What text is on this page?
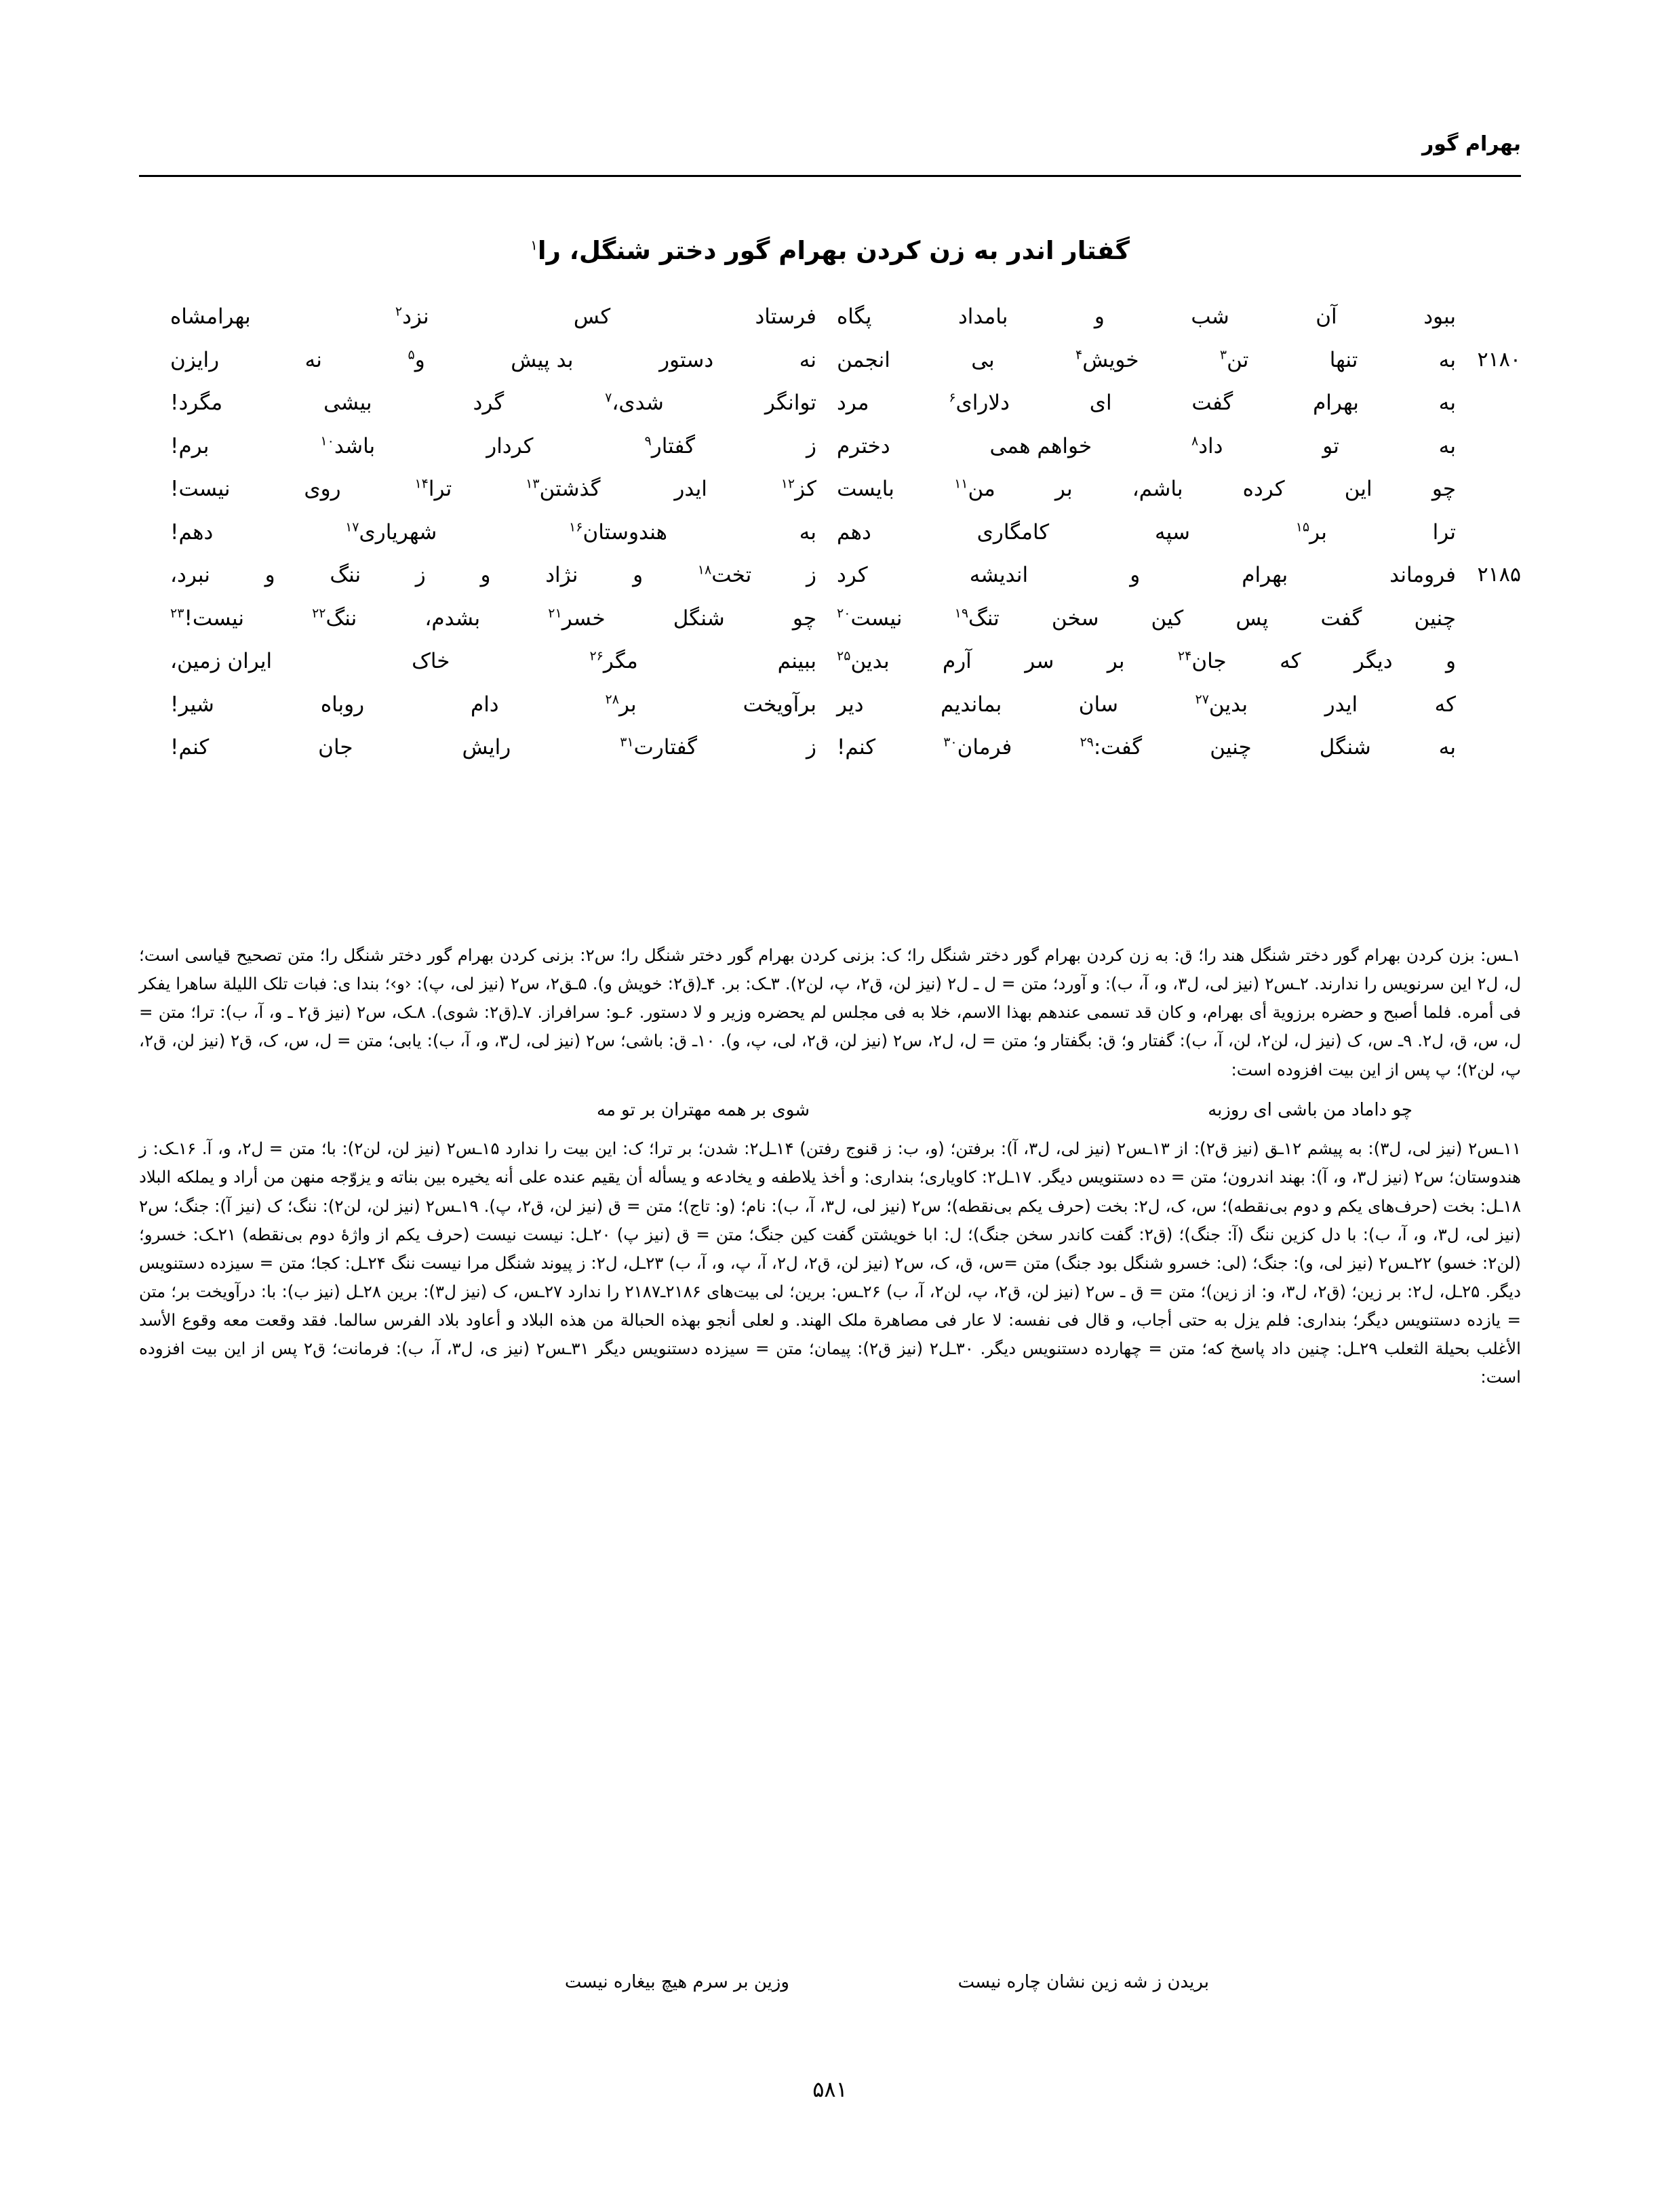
بهرام گور
گفتار اندر به زن کردن بهرام گور دختر شنگل، را$^۱$
ببود
آن
شب
و
بامداد
پگاه
فرستاد
کس
نزد$^۲$
بهرامشاه
به
تنها
تن$^۳$
خویش$^۴$
بی
انجمن	۲۱۸۰
نه
دستور
بد پیش
و$^۵$
نه
رایزن
به
بهرام
گفت
ای
دلارای$^۶$
مرد
توانگر
شدی،$^۷$
گرد
بیشی
مگرد!
به
تو
داد$^۸$
خواهم همی
دخترم
ز
گفتار$^۹$
کردار
باشد$^{۱۰}$
برم!
چو
این
کرده
باشم،
بر
من$^{۱۱}$
بایست
کز$^{۱۲}$
ایدر
گذشتن$^{۱۳}$
ترا$^{۱۴}$
روی
نیست!
ترا
بر$^{۱۵}$
سپه
کامگاری
دهم
به
هندوستان$^{۱۶}$
شهریاری$^{۱۷}$
دهم!
فروماند
بهرام
و
اندیشه
کرد	۲۱۸۵
ز
تخت$^{۱۸}$
و
نژاد
و
ز
ننگ
و
نبرد،
چنین
گفت
پس
کین
سخن
تنگ$^{۱۹}$
نیست$^{۲۰}$
چو
شنگل
خسر$^{۲۱}$
بشدم،
ننگ$^{۲۲}$
نیست!$^{۲۳}$
و
دیگر
که
جان$^{۲۴}$
بر
سر
آرم
بدین$^{۲۵}$
ببینم
مگر$^{۲۶}$
خاک
ایران زمین،
که
ایدر
بدین$^{۲۷}$
سان
بماندیم
دیر
برآویخت
بر$^{۲۸}$
دام
روباه
شیر!
به
شنگل
چنین
گفت:$^{۲۹}$
فرمان$^{۳۰}$
کنم!
ز
گفتارت$^{۳۱}$
رایش
جان
کنم!

۱ـس: بزن کردن بهرام گور دختر شنگل هند را؛ ق: به زن کردن بهرام گور دختر شنگل را؛ ک: بزنی کردن بهرام گور دختر شنگل را؛ س۲: بزنی کردن بهرام گور دختر شنگل را؛ متن تصحیح قیاسی است؛ ل، ل۲ این سرنویس را ندارند. ۲ـس۲ (نیز لی، ل۳، و، آ، ب): و آورد؛ متن = ل ـ ل۲ (نیز لن، ق۲، پ، لن۲). ۳ـک: بر. ۴ـ(ق۲: خویش و). ۵ـق۲، س۲ (نیز لی، پ): ‹و›؛ بندا ی: فبات تلک اللیلة ساهرا یفکر فی أمره. فلما أصبح و حضره برزویة أی بهرام، و کان قد تسمی عندهم بهذا الاسم، خلا به فی مجلس لم یحضره وزیر و لا دستور. ۶ـو: سرافراز. ۷ـ(ق۲: شوی). ۸ـک، س۲ (نیز ق۲ ـ و، آ، ب): ترا؛ متن = ل، س، ق، ل۲. ۹ـ س، ک (نیز ل، لن۲، لن، آ، ب): گفتار و؛ ق: بگفتار و؛ متن = ل، ل۲، س۲ (نیز لن، ق۲، لی، پ، و). ۱۰ـ ق: باشی؛ س۲ (نیز لی، ل۳، و، آ، ب): یابی؛ متن = ل، س، ک، ق۲ (نیز لن، ق۲، پ، لن۲)؛ پ پس از این بیت افزوده است:

چو داماد من باشی ای روزبه
شوی بر همه مهتران بر تو مه

۱۱ـس۲ (نیز لی، ل۳): به پیشم ۱۲ـق (نیز ق۲): از ۱۳ـس۲ (نیز لی، ل۳، آ): برفتن؛ (و، ب: ز قنوج رفتن) ۱۴ـل۲: شدن؛ بر ترا؛ ک: این بیت را ندارد ۱۵ـس۲ (نیز لن، لن۲): با؛ متن = ل۲، و، آ. ۱۶ـک: ز هندوستان؛ س۲ (نیز ل۳، و، آ): بهند اندرون؛ متن = ده دستنویس دیگر. ۱۷ـل۲: کاویاری؛ بنداری: و أخذ یلاطفه و یخادعه و یسأله أن یقیم عنده علی أنه یخیره بین بناته و یزوّجه منهن من أراد و یملکه البلاد ۱۸ـل: بخت (حرف‌های یکم و دوم بی‌نقطه)؛ س، ک، ل۲: بخت (حرف یکم بی‌نقطه)؛ س۲ (نیز لی، ل۳، آ، ب): نام؛ (و: تاج)؛ متن = ق (نیز لن، ق۲، پ). ۱۹ـس۲ (نیز لن، لن۲): ننگ؛ ک (نیز آ): جنگ؛ س۲ (نیز لی، ل۳، و، آ، ب): با دل کزین ننگ (آ: جنگ)؛ (ق۲: گفت کاندر سخن جنگ)؛ ل: ابا خویشتن گفت کین جنگ؛ متن = ق (نیز پ) ۲۰ـل: نیست نیست (حرف یکم از واژهٔ دوم بی‌نقطه) ۲۱ـک: خسرو؛ (لن۲: خسو) ۲۲ـس۲ (نیز لی، و): جنگ؛ (لی: خسرو شنگل بود جنگ) متن =س، ق، ک، س۲ (نیز لن، ق۲، ل۲، آ، پ، و، آ، ب) ۲۳ـل، ل۲: ز پیوند شنگل مرا نیست ننگ ۲۴ـل: کجا؛ متن = سیزده دستنویس دیگر. ۲۵ـل، ل۲: بر زین؛ (ق۲، ل۳، و: از زین)؛ متن = ق ـ س۲ (نیز لن، ق۲، پ، لن۲، آ، ب) ۲۶ـس: برین؛ لی بیت‌های ۲۱۸۶ـ۲۱۸۷ را ندارد ۲۷ـس، ک (نیز ل۳): برین ۲۸ـل (نیز ب): با: درآویخت بر؛ متن = یازده دستنویس دیگر؛ بنداری: فلم یزل به حتی أجاب، و قال فی نفسه: لا عار فی مصاهرة ملک الهند. و لعلی أنجو بهذه الحبالة من هذه البلاد و أعاود بلاد الفرس سالما. فقد وقعت معه وقوع الأسد الأغلب بحیلة الثعلب ۲۹ـل: چنین داد پاسخ که؛ متن = چهارده دستنویس دیگر. ۳۰ـل۲ (نیز ق۲): پیمان؛ متن = سیزده دستنویس دیگر ۳۱ـس۲ (نیز ی، ل۳، آ، ب): فرمانت؛ ق۲ پس از این بیت افزوده است:

بریدن ز شه زین نشان چاره نیست
وزین بر سرم هیچ بیغاره نیست
۵۸۱
